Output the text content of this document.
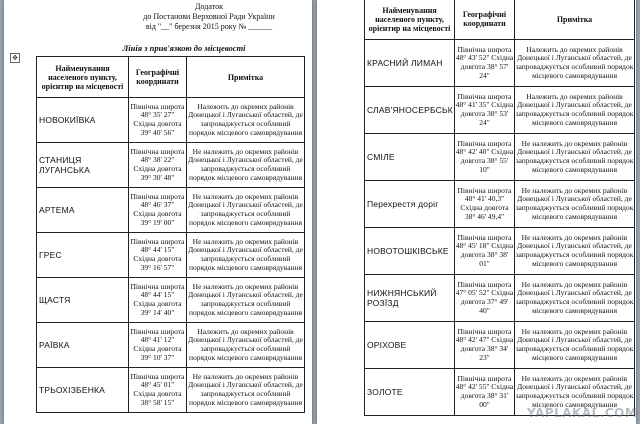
Додаток
до Постанови Верховної Ради України
від "__" березня 2015 року № ______
Лінія з прив'язкою до місцевості
✥
Найменування населеного пункту, орієнтир на місцевості	Географічні координати	Примітка
НОВОКИЇВКА	Північна широта 48° 35' 27" Східна довгота 39° 40' 56"	Належить до окремих районів Донецької і Луганської областей, де запроваджується особливий порядок місцевого самоврядування
СТАНИЦЯ ЛУГАНСЬКА	Північна широта 48° 38' 22" Східна довгота 39° 30' 48"	Не належить до окремих районів Донецької і Луганської областей, де запроваджується особливий порядок місцевого самоврядування
АРТЕМА	Північна широта 48° 46' 37" Східна довгота 39° 19' 00"	Не належить до окремих районів Донецької і Луганської областей, де запроваджується особливий порядок місцевого самоврядування
ГРЕС	Північна широта 48° 44' 15" Східна довгота 39° 16' 57"	Не належить до окремих районів Донецької і Луганської областей, де запроваджується особливий порядок місцевого самоврядування
ЩАСТЯ	Північна широта 48° 44' 15" Східна довгота 39° 14' 40"	Не належить до окремих районів Донецької і Луганської областей, де запроваджується особливий порядок місцевого самоврядування
РАЇВКА	Північна широта 48° 41' 12" Східна довгота 39° 10' 37"	Належить до окремих районів Донецької і Луганської областей, де запроваджується особливий порядок місцевого самоврядування
ТРЬОХІЗБЕНКА	Північна широта 48° 45' 01" Східна довгота 38° 58' 15"	Не належить до окремих районів Донецької і Луганської областей, де запроваджується особливий порядок місцевого самоврядування
Найменування населеного пункту, орієнтир на місцевості	Географічні координати	Примітка
КРАСНИЙ ЛИМАН	Північна широта 48° 43' 52" Східна довгота 38° 57' 24"	Належить до окремих районів Донецької і Луганської областей, де запроваджується особливий порядок місцевого самоврядування
СЛАВ'ЯНОСЕРБСЬК	Північна широта 48° 41' 35" Східна довгота 38° 53' 24"	Належить до окремих районів Донецької і Луганської областей, де запроваджується особливий порядок місцевого самоврядування
СМІЛЕ	Північна широта 48° 42' 40" Східна довгота 38° 55' 10"	Не належить до окремих районів Донецької і Луганської областей, де запроваджується особливий порядок місцевого самоврядування
Перехрестя доріг	Північна широта 48° 41' 40,3" Східна довгота 38° 46' 49,4"	Не належить до окремих районів Донецької і Луганської областей, де запроваджується особливий порядок місцевого самоврядування
НОВОТОШКІВСЬКЕ	Північна широта 48° 45' 18" Східна довгота 38° 38' 01"	Не належить до окремих районів Донецької і Луганської областей, де запроваджується особливий порядок місцевого самоврядування
НИЖНЯНСЬКИЙ РОЗЇЗД	Північна широта 47° 05' 52" Східна довгота 37° 49' 40"	Не належить до окремих районів Донецької і Луганської областей, де запроваджується особливий порядок місцевого самоврядування
ОРІХОВЕ	Північна широта 48° 42' 47" Східна довгота 38° 34' 23"	Не належить до окремих районів Донецької і Луганської областей, де запроваджується особливий порядок місцевого самоврядування
ЗОЛОТЕ	Північна широта 48° 42' 55" Східна довгота 38° 31' 00"	Не належить до окремих районів Донецької і Луганської областей, де запроваджується особливий порядок місцевого самоврядування
YAPLAKAL.COM
